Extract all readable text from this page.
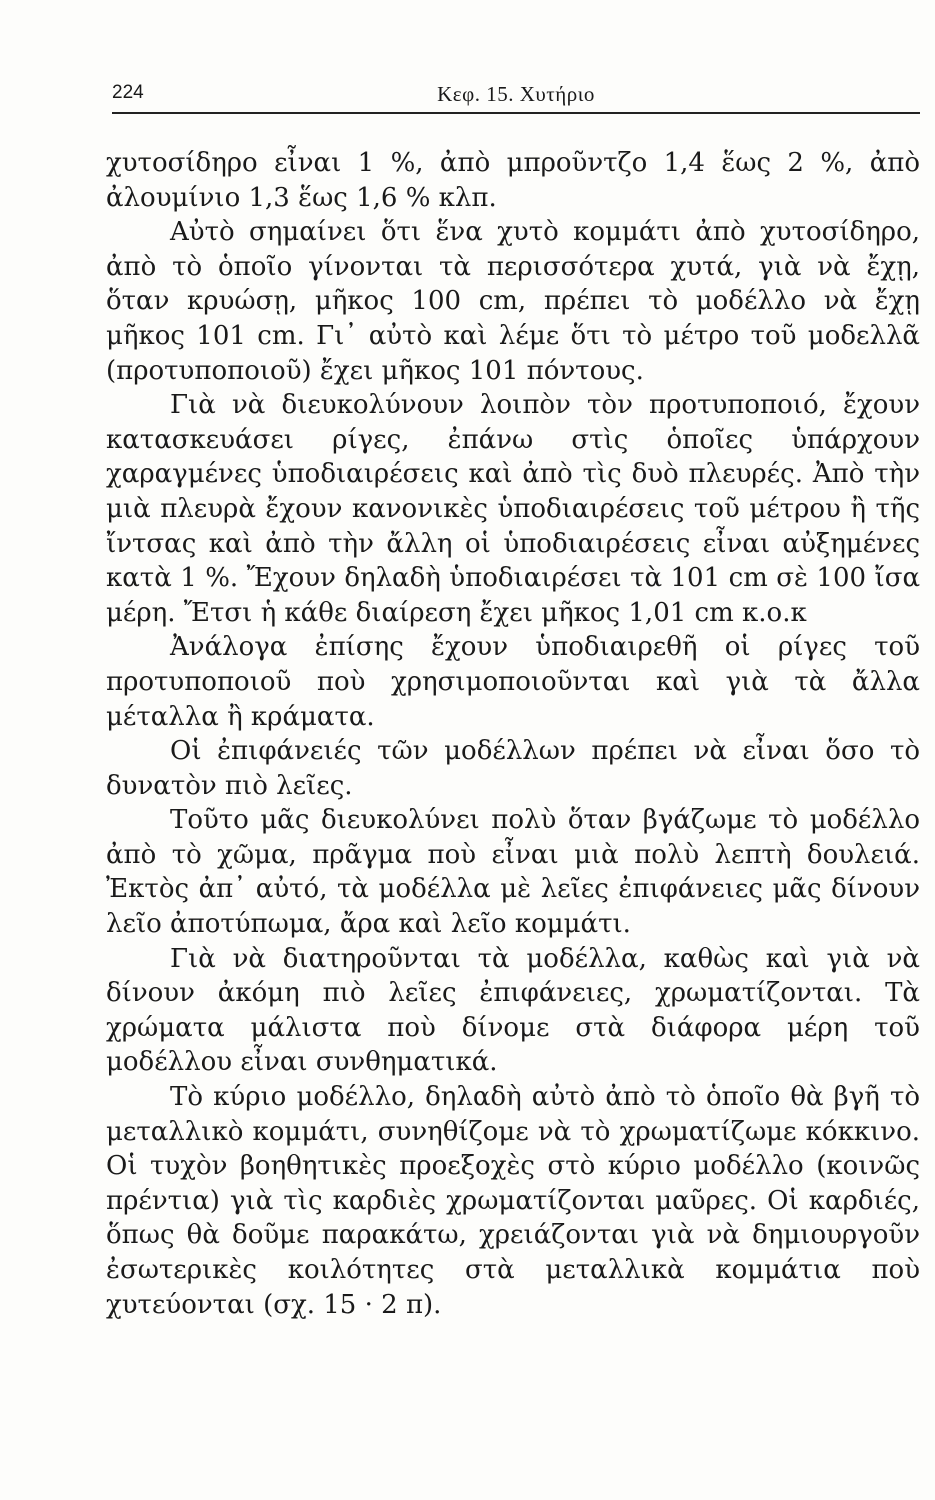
224	Κεφ. 15. Χυτήριο

χυτοσίδηρο εἶναι 1 %, ἀπὸ μπροῦντζο 1,4 ἕως 2 %, ἀπὸ ἀλουμίνιο 1,3 ἕως 1,6 % κλπ.

Αὐτὸ σημαίνει ὅτι ἕνα χυτὸ κομμάτι ἀπὸ χυτοσίδηρο, ἀπὸ τὸ ὁποῖο γίνονται τὰ περισσότερα χυτά, γιὰ νὰ ἔχῃ, ὅταν κρυώσῃ, μῆκος 100 cm, πρέπει τὸ μοδέλλο νὰ ἔχῃ μῆκος 101 cm. Γι᾽ αὐτὸ καὶ λέμε ὅτι τὸ μέτρο τοῦ μοδελλᾶ (προτυποποιοῦ) ἔχει μῆκος 101 πόντους.

Γιὰ νὰ διευκολύνουν λοιπὸν τὸν προτυποποιό, ἔχουν κατασκευάσει ρίγες, ἐπάνω στὶς ὁποῖες ὑπάρχουν χαραγμένες ὑποδιαιρέσεις καὶ ἀπὸ τὶς δυὸ πλευρές. Ἀπὸ τὴν μιὰ πλευρὰ ἔχουν κανονικὲς ὑποδιαιρέσεις τοῦ μέτρου ἢ τῆς ἴντσας καὶ ἀπὸ τὴν ἄλλη οἱ ὑποδιαιρέσεις εἶναι αὐξημένες κατὰ 1 %. Ἔχουν δηλαδὴ ὑποδιαιρέσει τὰ 101 cm σὲ 100 ἴσα μέρη. Ἔτσι ἡ κάθε διαίρεση ἔχει μῆκος 1,01 cm κ.ο.κ

Ἀνάλογα ἐπίσης ἔχουν ὑποδιαιρεθῆ οἱ ρίγες τοῦ προτυποποιοῦ ποὺ χρησιμοποιοῦνται καὶ γιὰ τὰ ἄλλα μέταλλα ἢ κράματα.

Οἱ ἐπιφάνειές τῶν μοδέλλων πρέπει νὰ εἶναι ὅσο τὸ δυνατὸν πιὸ λεῖες.

Τοῦτο μᾶς διευκολύνει πολὺ ὅταν βγάζωμε τὸ μοδέλλο ἀπὸ τὸ χῶμα, πρᾶγμα ποὺ εἶναι μιὰ πολὺ λεπτὴ δουλειά. Ἐκτὸς ἀπ᾽ αὐτό, τὰ μοδέλλα μὲ λεῖες ἐπιφάνειες μᾶς δίνουν λεῖο ἀποτύπωμα, ἄρα καὶ λεῖο κομμάτι.

Γιὰ νὰ διατηροῦνται τὰ μοδέλλα, καθὼς καὶ γιὰ νὰ δίνουν ἀκόμη πιὸ λεῖες ἐπιφάνειες, χρωματίζονται. Τὰ χρώματα μάλιστα ποὺ δίνομε στὰ διάφορα μέρη τοῦ μοδέλλου εἶναι συνθηματικά.

Τὸ κύριο μοδέλλο, δηλαδὴ αὐτὸ ἀπὸ τὸ ὁποῖο θὰ βγῆ τὸ μεταλλικὸ κομμάτι, συνηθίζομε νὰ τὸ χρωματίζωμε κόκκινο. Οἱ τυχὸν βοηθητικὲς προεξοχὲς στὸ κύριο μοδέλλο (κοινῶς πρέντια) γιὰ τὶς καρδιὲς χρωματίζονται μαῦρες. Οἱ καρδιές, ὅπως θὰ δοῦμε παρακάτω, χρειάζονται γιὰ νὰ δημιουργοῦν ἐσωτερικὲς κοιλότητες στὰ μεταλλικὰ κομμάτια ποὺ χυτεύονται (σχ. 15 · 2 π).
